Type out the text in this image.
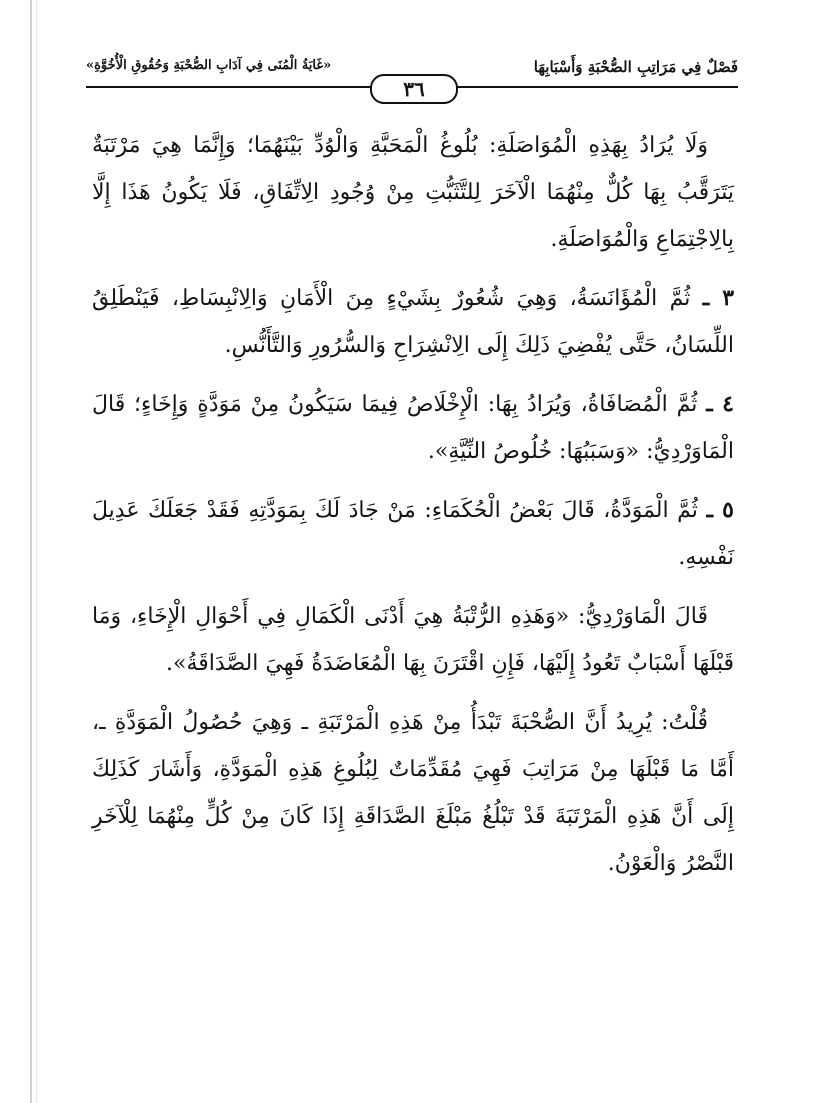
فَصْلٌ فِي مَرَاتِبِ الصُّحْبَةِ وَأَسْبَابِهَا
«غَايَةُ الْمُنَى فِي آدَابِ الصُّحْبَةِ وَحُقُوقِ الْأُخُوَّةِ»
٣٦

وَلَا يُرَادُ بِهَذِهِ الْمُوَاصَلَةِ: بُلُوغُ الْمَحَبَّةِ وَالْوُدِّ بَيْنَهُمَا؛ وَإِنَّمَا هِيَ مَرْتَبَةٌ يَتَرَقَّبُ بِهَا كُلٌّ مِنْهُمَا الْآخَرَ لِلتَّثَبُّتِ مِنْ وُجُودِ الِاتِّفَاقِ، فَلَا يَكُونُ هَذَا إِلَّا بِالِاجْتِمَاعِ وَالْمُوَاصَلَةِ.

٣ ـ ثُمَّ الْمُؤَانَسَةُ، وَهِيَ شُعُورٌ بِشَيْءٍ مِنَ الْأَمَانِ وَالِانْبِسَاطِ، فَيَنْطَلِقُ اللِّسَانُ، حَتَّى يُفْضِيَ ذَلِكَ إِلَى الِانْشِرَاحِ وَالسُّرُورِ وَالتَّأَنُّسِ.

٤ ـ ثُمَّ الْمُصَافَاةُ، وَيُرَادُ بِهَا: الْإِخْلَاصُ فِيمَا سَيَكُونُ مِنْ مَوَدَّةٍ وَإِخَاءٍ؛ قَالَ الْمَاوَرْدِيُّ: «وَسَبَبُهَا: خُلُوصُ النِّيَّةِ».

٥ ـ ثُمَّ الْمَوَدَّةُ، قَالَ بَعْضُ الْحُكَمَاءِ: مَنْ جَادَ لَكَ بِمَوَدَّتِهِ فَقَدْ جَعَلَكَ عَدِيلَ نَفْسِهِ.

قَالَ الْمَاوَرْدِيُّ: «وَهَذِهِ الرُّتْبَةُ هِيَ أَدْنَى الْكَمَالِ فِي أَحْوَالِ الْإِخَاءِ، وَمَا قَبْلَهَا أَسْبَابٌ تَعُودُ إِلَيْهَا، فَإِنِ اقْتَرَنَ بِهَا الْمُعَاضَدَةُ فَهِيَ الصَّدَاقَةُ».

قُلْتُ: يُرِيدُ أَنَّ الصُّحْبَةَ تَبْدَأُ مِنْ هَذِهِ الْمَرْتَبَةِ ـ وَهِيَ حُصُولُ الْمَوَدَّةِ ـ، أَمَّا مَا قَبْلَهَا مِنْ مَرَاتِبَ فَهِيَ مُقَدِّمَاتٌ لِبُلُوغِ هَذِهِ الْمَوَدَّةِ، وَأَشَارَ كَذَلِكَ إِلَى أَنَّ هَذِهِ الْمَرْتَبَةَ قَدْ تَبْلُغُ مَبْلَغَ الصَّدَاقَةِ إِذَا كَانَ مِنْ كُلٍّ مِنْهُمَا لِلْآخَرِ النَّصْرُ وَالْعَوْنُ.
